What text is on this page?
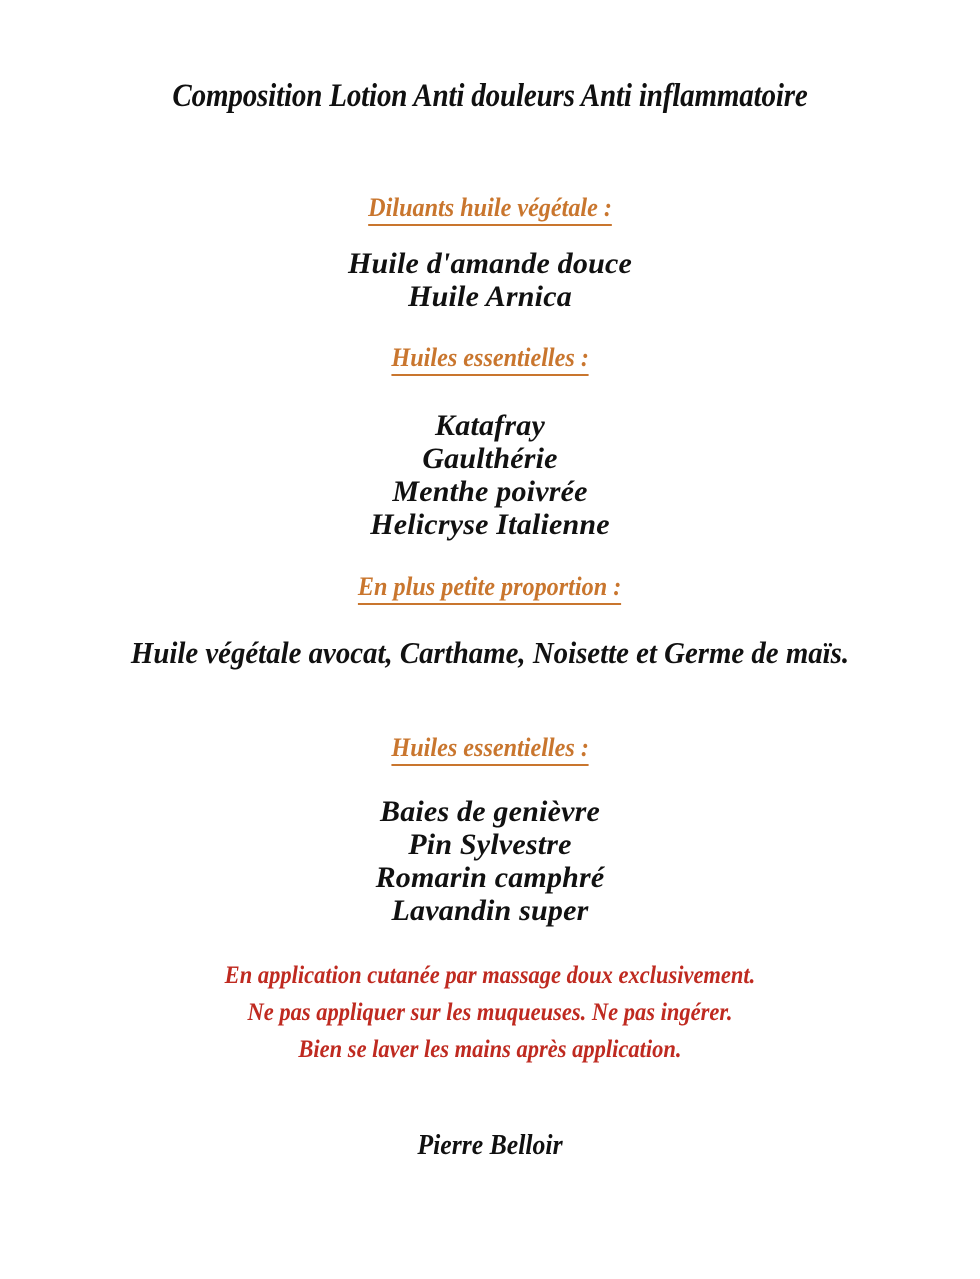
Composition Lotion Anti douleurs Anti inflammatoire
Diluants huile végétale :
Huile d'amande douce
Huile Arnica
Huiles essentielles :
Katafray
Gaulthérie
Menthe poivrée
Helicryse Italienne
En plus petite proportion :
Huile végétale avocat, Carthame, Noisette et Germe de maïs.
Huiles essentielles :
Baies de genièvre
Pin Sylvestre
Romarin camphré
Lavandin super
En application cutanée par massage doux exclusivement.
Ne pas appliquer sur les muqueuses. Ne pas ingérer.
Bien se laver les mains après application.
Pierre Belloir
